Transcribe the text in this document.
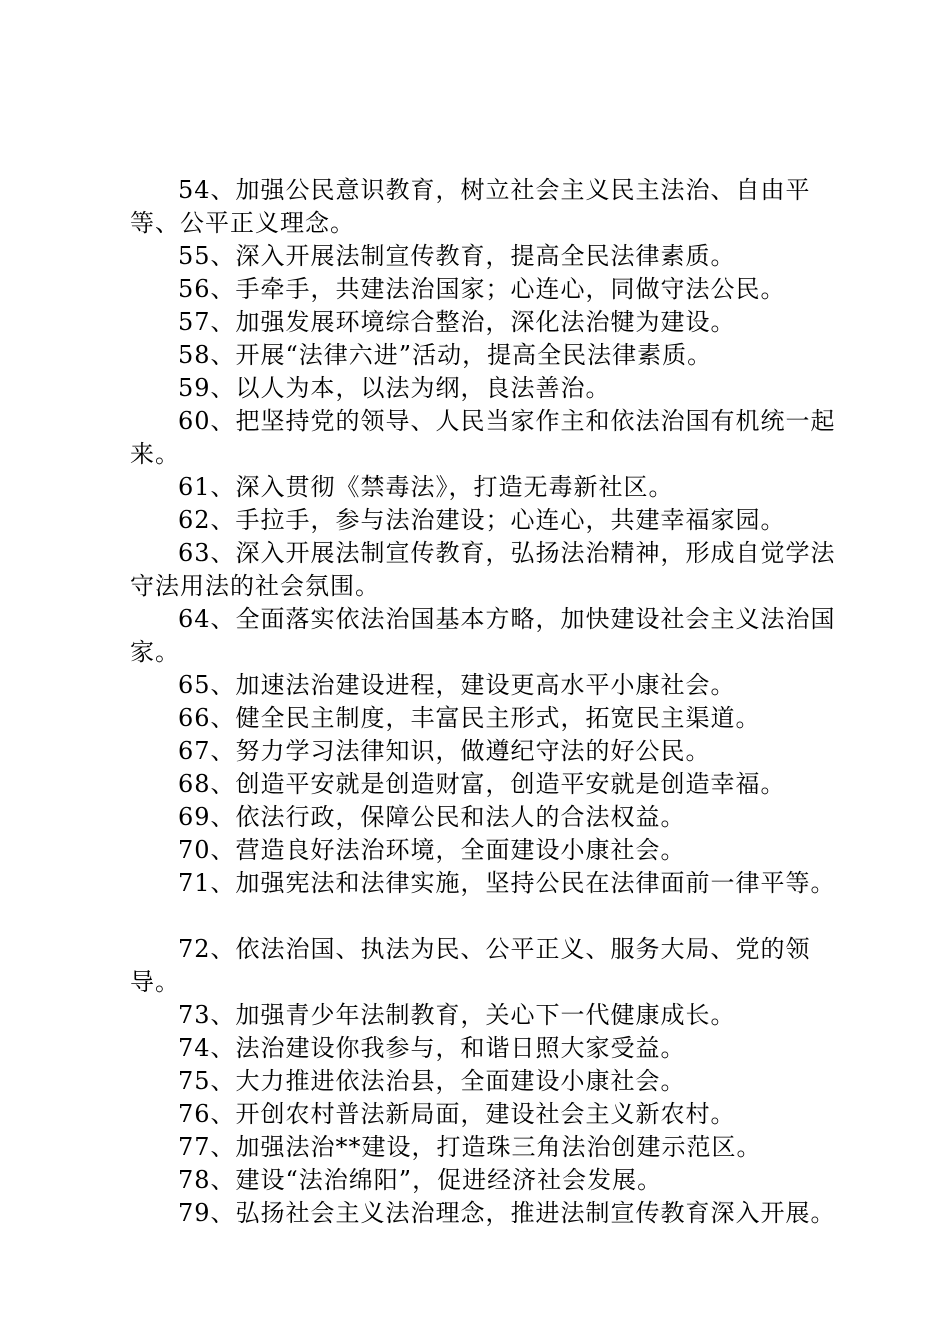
54、加强公民意识教育，树立社会主义民主法治、自由平等、公平正义理念。

55、深入开展法制宣传教育，提高全民法律素质。

56、手牵手，共建法治国家；心连心，同做守法公民。

57、加强发展环境综合整治，深化法治犍为建设。

58、开展“法律六进”活动，提高全民法律素质。

59、以人为本，以法为纲，良法善治。

60、把坚持党的领导、人民当家作主和依法治国有机统一起来。

61、深入贯彻《禁毒法》，打造无毒新社区。

62、手拉手，参与法治建设；心连心，共建幸福家园。

63、深入开展法制宣传教育，弘扬法治精神，形成自觉学法守法用法的社会氛围。

64、全面落实依法治国基本方略，加快建设社会主义法治国家。

65、加速法治建设进程，建设更高水平小康社会。

66、健全民主制度，丰富民主形式，拓宽民主渠道。

67、努力学习法律知识，做遵纪守法的好公民。

68、创造平安就是创造财富，创造平安就是创造幸福。

69、依法行政，保障公民和法人的合法权益。

70、营造良好法治环境，全面建设小康社会。

71、加强宪法和法律实施，坚持公民在法律面前一律平等。

72、依法治国、执法为民、公平正义、服务大局、党的领导。

73、加强青少年法制教育，关心下一代健康成长。

74、法治建设你我参与，和谐日照大家受益。

75、大力推进依法治县，全面建设小康社会。

76、开创农村普法新局面，建设社会主义新农村。

77、加强法治**建设，打造珠三角法治创建示范区。

78、建设“法治绵阳”，促进经济社会发展。

79、弘扬社会主义法治理念，推进法制宣传教育深入开展。
